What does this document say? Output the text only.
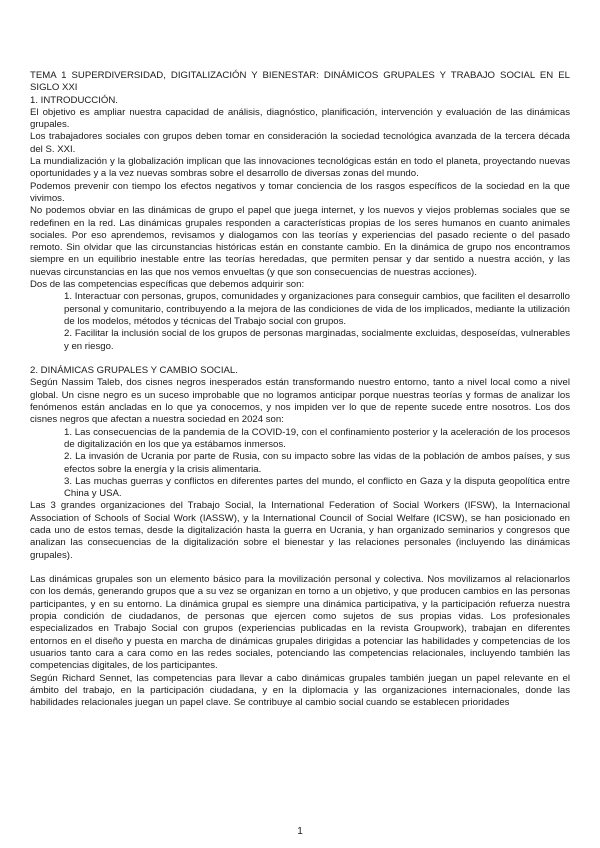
TEMA 1 SUPERDIVERSIDAD, DIGITALIZACIÓN Y BIENESTAR: DINÁMICOS GRUPALES Y TRABAJO SOCIAL EN EL SIGLO XXI

1. INTRODUCCIÓN.

El objetivo es ampliar nuestra capacidad de análisis, diagnóstico, planificación, intervención y evaluación de las dinámicas grupales.

Los trabajadores sociales con grupos deben tomar en consideración la sociedad tecnológica avanzada de la tercera década del S. XXI.

La mundialización y la globalización implican que las innovaciones tecnológicas están en todo el planeta, proyectando nuevas oportunidades y a la vez nuevas sombras sobre el desarrollo de diversas zonas del mundo.

Podemos prevenir con tiempo los efectos negativos y tomar conciencia de los rasgos específicos de la sociedad en la que vivimos.

No podemos obviar en las dinámicas de grupo el papel que juega internet, y los nuevos y viejos problemas sociales que se redefinen en la red. Las dinámicas grupales responden a características propias de los seres humanos en cuanto animales sociales. Por eso aprendemos, revisamos y dialogamos con las teorías y experiencias del pasado reciente o del pasado remoto. Sin olvidar que las circunstancias históricas están en constante cambio. En la dinámica de grupo nos encontramos siempre en un equilibrio inestable entre las teorías heredadas, que permiten pensar y dar sentido a nuestra acción, y las nuevas circunstancias en las que nos vemos envueltas (y que son consecuencias de nuestras acciones).

Dos de las competencias específicas que debemos adquirir son:

1. Interactuar con personas, grupos, comunidades y organizaciones para conseguir cambios, que faciliten el desarrollo personal y comunitario, contribuyendo a la mejora de las condiciones de vida de los implicados, mediante la utilización de los modelos, métodos y técnicas del Trabajo social con grupos.
2. Facilitar la inclusión social de los grupos de personas marginadas, socialmente excluidas, desposeídas, vulnerables y en riesgo.

2. DINÁMICAS GRUPALES Y CAMBIO SOCIAL.

Según Nassim Taleb, dos cisnes negros inesperados están transformando nuestro entorno, tanto a nivel local como a nivel global. Un cisne negro es un suceso improbable que no logramos anticipar porque nuestras teorías y formas de analizar los fenómenos están ancladas en lo que ya conocemos, y nos impiden ver lo que de repente sucede entre nosotros. Los dos cisnes negros que afectan a nuestra sociedad en 2024 son:

1. Las consecuencias de la pandemia de la COVID-19, con el confinamiento posterior y la aceleración de los procesos de digitalización en los que ya estábamos inmersos.
2. La invasión de Ucrania por parte de Rusia, con su impacto sobre las vidas de la población de ambos países, y sus efectos sobre la energía y la crisis alimentaria.
3. Las muchas guerras y conflictos en diferentes partes del mundo, el conflicto en Gaza y la disputa geopolítica entre China y USA.

Las 3 grandes organizaciones del Trabajo Social, la International Federation of Social Workers (IFSW), la Internacional Association of Schools of Social Work (IASSW), y la International Council of Social Welfare (ICSW), se han posicionado en cada uno de estos temas, desde la digitalización hasta la guerra en Ucrania, y han organizado seminarios y congresos que analizan las consecuencias de la digitalización sobre el bienestar y las relaciones personales (incluyendo las dinámicas grupales).

Las dinámicas grupales son un elemento básico para la movilización personal y colectiva. Nos movilizamos al relacionarlos con los demás, generando grupos que a su vez se organizan en torno a un objetivo, y que producen cambios en las personas participantes, y en su entorno. La dinámica grupal es siempre una dinámica participativa, y la participación refuerza nuestra propia condición de ciudadanos, de personas que ejercen como sujetos de sus propias vidas. Los profesionales especializados en Trabajo Social con grupos (experiencias publicadas en la revista Groupwork), trabajan en diferentes entornos en el diseño y puesta en marcha de dinámicas grupales dirigidas a potenciar las habilidades y competencias de los usuarios tanto cara a cara como en las redes sociales, potenciando las competencias relacionales, incluyendo también las competencias digitales, de los participantes.

Según Richard Sennet, las competencias para llevar a cabo dinámicas grupales también juegan un papel relevante en el ámbito del trabajo, en la participación ciudadana, y en la diplomacia y las organizaciones internacionales, donde las habilidades relacionales juegan un papel clave. Se contribuye al cambio social cuando se establecen prioridades

1
